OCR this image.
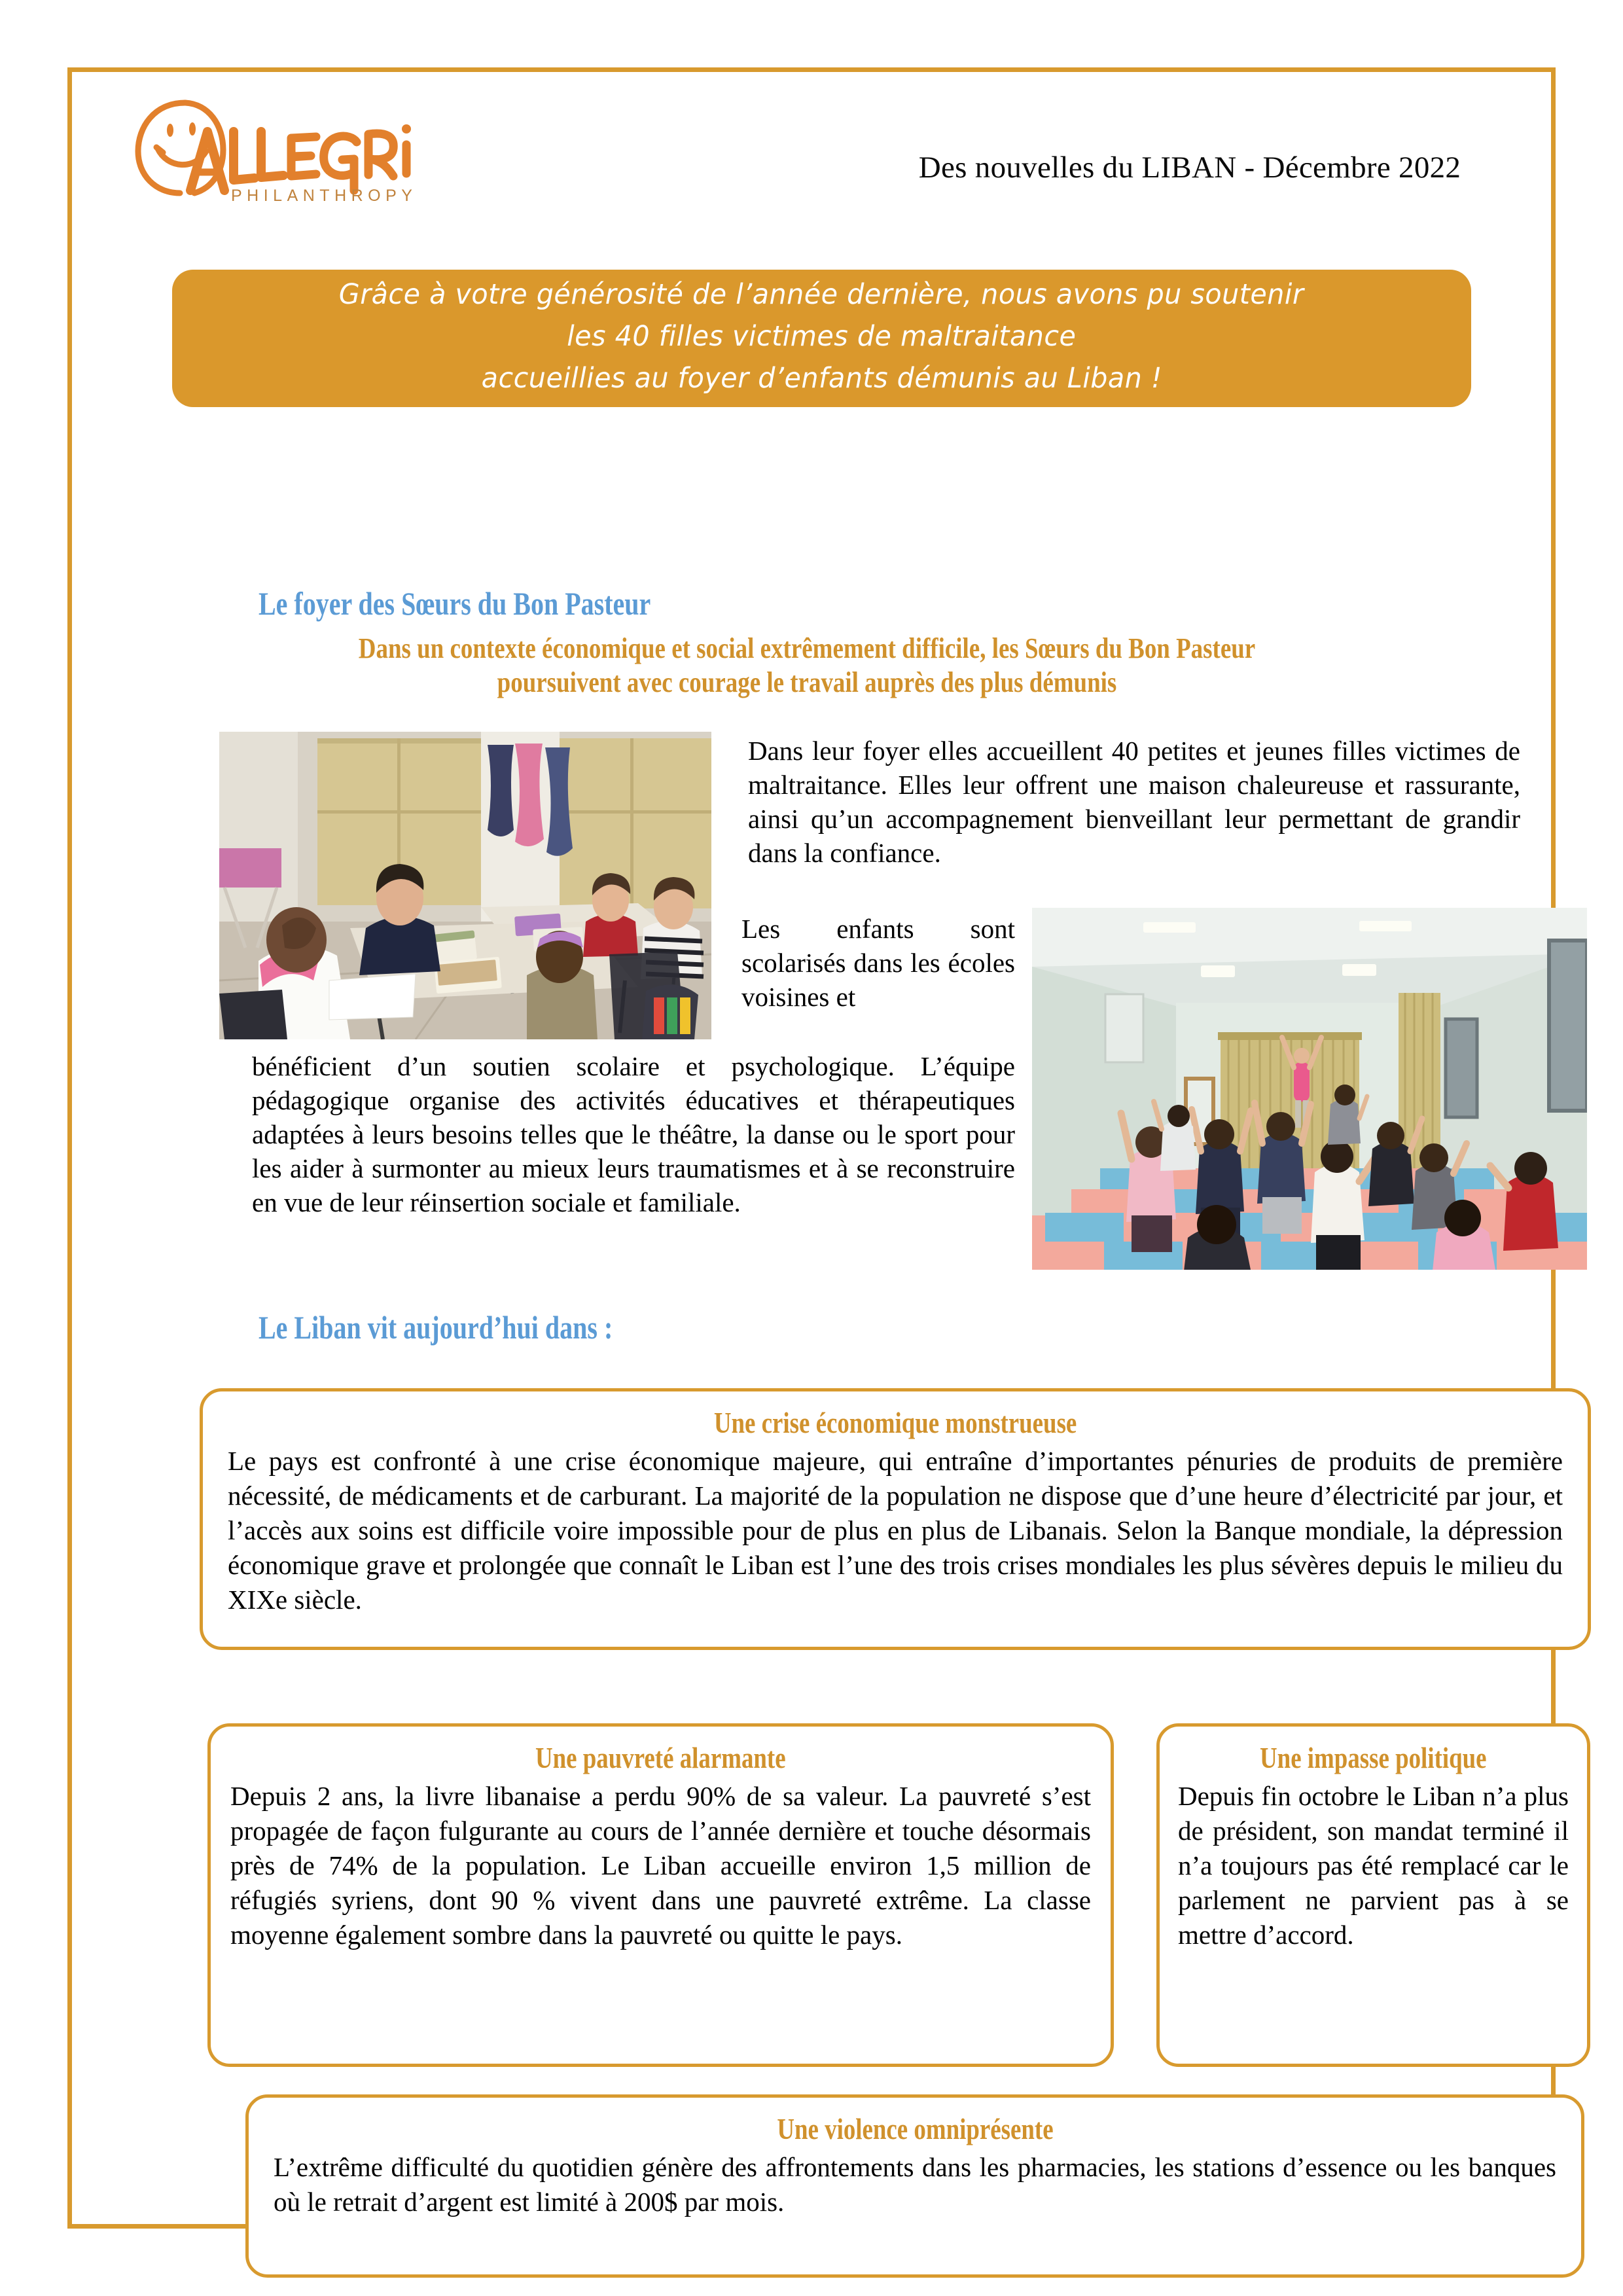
PHILANTHROPY
Des nouvelles du LIBAN - Décembre 2022
Grâce à votre générosité de l’année dernière, nous avons pu soutenir
les 40 filles victimes de maltraitance
accueillies au foyer d’enfants démunis au Liban !
Le foyer des Sœurs du Bon Pasteur
Dans un contexte économique et social extrêmement difficile, les Sœurs du Bon Pasteur
poursuivent avec courage le travail auprès des plus démunis
Dans leur foyer elles accueillent 40 petites et jeunes filles victimes de maltraitance. Elles leur offrent une maison chaleureuse et rassurante, ainsi qu’un accompagnement bienveillant leur permettant de grandir dans la confiance.
Les enfants sont scolarisés dans les écoles voisines et
bénéficient d’un soutien scolaire et psychologique. L’équipe pédagogique organise des activités éducatives et thérapeutiques adaptées à leurs besoins telles que le théâtre, la danse ou le sport pour les aider à surmonter au mieux leurs traumatismes et à se reconstruire en vue de leur réinsertion sociale et familiale.
Le Liban vit aujourd’hui dans :
Une crise économique monstrueuse
Le pays est confronté à une crise économique majeure, qui entraîne d’importantes pénuries de produits de première nécessité, de médicaments et de carburant. La majorité de la population ne dispose que d’une heure d’électricité par jour, et l’accès aux soins est difficile voire impossible pour de plus en plus de Libanais. Selon la Banque mondiale, la dépression économique grave et prolongée que connaît le Liban est l’une des trois crises mondiales les plus sévères depuis le milieu du XIXe siècle.
Une pauvreté alarmante
Depuis 2 ans, la livre libanaise a perdu 90% de sa valeur. La pauvreté s’est propagée de façon fulgurante au cours de l’année dernière et touche désormais près de 74% de la population. Le Liban accueille environ 1,5 million de réfugiés syriens, dont 90 % vivent dans une pauvreté extrême. La classe moyenne également sombre dans la pauvreté ou quitte le pays.
Une impasse politique
Depuis fin octobre le Liban n’a plus de président, son mandat terminé il n’a toujours pas été remplacé car le parlement ne parvient pas à se mettre d’accord.
Une violence omniprésente
L’extrême difficulté du quotidien génère des affrontements dans les pharmacies, les stations d’essence ou les banques où le retrait d’argent est limité à 200$ par mois.
